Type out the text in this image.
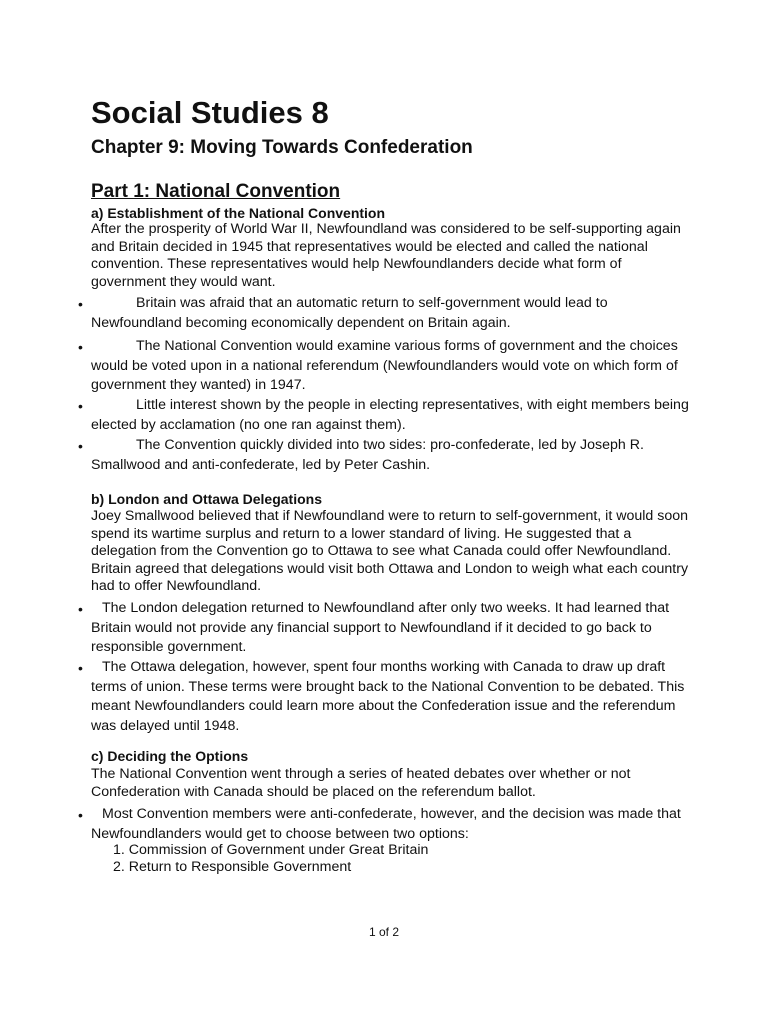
Social Studies 8
Chapter 9: Moving Towards Confederation
Part 1: National Convention
a) Establishment of the National Convention

After the prosperity of World War II, Newfoundland was considered to be self-supporting again and Britain decided in 1945 that representatives would be elected and called the national convention. These representatives would help Newfoundlanders decide what form of government they would want.

•	Britain was afraid that an automatic return to self-government would lead to Newfoundland becoming economically dependent on Britain again.

•	The National Convention would examine various forms of government and the choices would be voted upon in a national referendum (Newfoundlanders would vote on which form of government they wanted) in 1947.

•	Little interest shown by the people in electing representatives, with eight members being elected by acclamation (no one ran against them).

•	The Convention quickly divided into two sides: pro-confederate, led by Joseph R. Smallwood and anti-confederate, led by Peter Cashin.

b) London and Ottawa Delegations

Joey Smallwood believed that if Newfoundland were to return to self-government, it would soon spend its wartime surplus and return to a lower standard of living. He suggested that a delegation from the Convention go to Ottawa to see what Canada could offer Newfoundland. Britain agreed that delegations would visit both Ottawa and London to weigh what each country had to offer Newfoundland.

•	The London delegation returned to Newfoundland after only two weeks. It had learned that Britain would not provide any financial support to Newfoundland if it decided to go back to responsible government.

•	The Ottawa delegation, however, spent four months working with Canada to draw up draft terms of union. These terms were brought back to the National Convention to be debated. This meant Newfoundlanders could learn more about the Confederation issue and the referendum was delayed until 1948.

c) Deciding the Options

The National Convention went through a series of heated debates over whether or not Confederation with Canada should be placed on the referendum ballot.

•	Most Convention members were anti-confederate, however, and the decision was made that Newfoundlanders would get to choose between two options:

1. Commission of Government under Great Britain

2. Return to Responsible Government

1 of 2
